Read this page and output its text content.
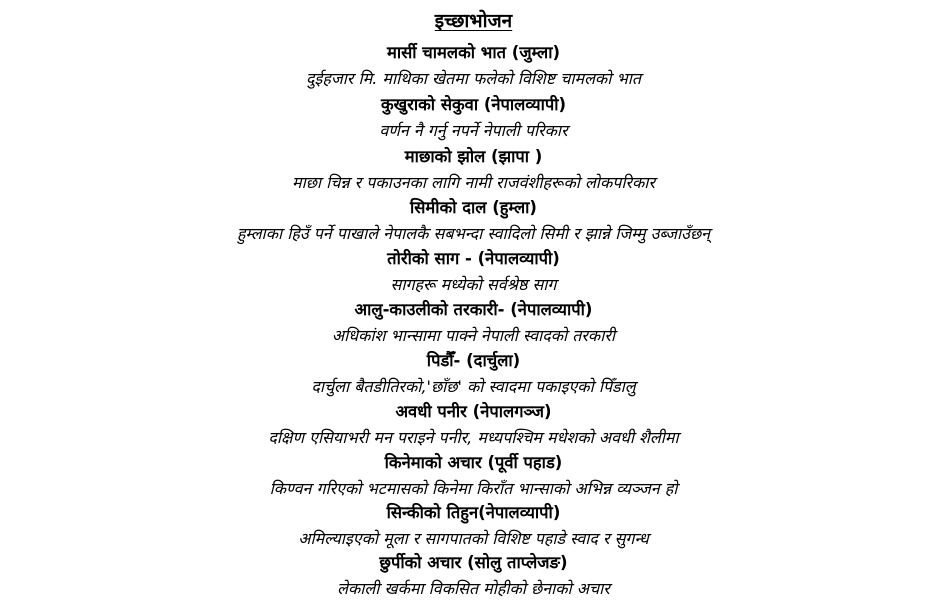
इच्छाभोजन
मार्सी चामलको भात (जुम्ला)
दुईहजार मि. माथिका खेतमा फलेको विशिष्ट चामलको भात
कुखुराको सेकुवा (नेपालव्यापी)
वर्णन नै गर्नु नपर्ने नेपाली परिकार
माछाको झोल (झापा )
माछा चिन्न र पकाउनका लागि नामी राजवंशीहरूको लोकपरिकार
सिमीको दाल (हुम्ला)
हुम्लाका हिउँ पर्ने पाखाले नेपालकै सबभन्दा स्वादिलो सिमी र झान्ने जिम्मु उब्जाउँछन्
तोरीको साग - (नेपालव्यापी)
सागहरू मध्येको सर्वश्रेष्ठ साग
आलु-काउलीको तरकारी- (नेपालव्यापी)
अधिकांश भान्सामा पाक्ने नेपाली स्वादको तरकारी
पिडौँ- (दार्चुला)
दार्चुला बैतडीतिरको,'छाँछ' को स्वादमा पकाइएको पिँडालु
अवधी पनीर (नेपालगञ्ज)
दक्षिण एसियाभरी मन पराइने पनीर, मध्यपश्चिम मधेशको अवधी शैलीमा
किनेमाको अचार (पूर्वी पहाड)
किण्वन गरिएको भटमासको किनेमा किराँत भान्साको अभिन्न व्यञ्जन हो
सिन्कीको तिहुन(नेपालव्यापी)
अमिल्याइएको मूला र सागपातको विशिष्ट पहाडे स्वाद र सुगन्ध
छुर्पीको अचार (सोलु ताप्लेजङ)
लेकाली खर्कमा विकसित मोहीको छेनाको अचार
